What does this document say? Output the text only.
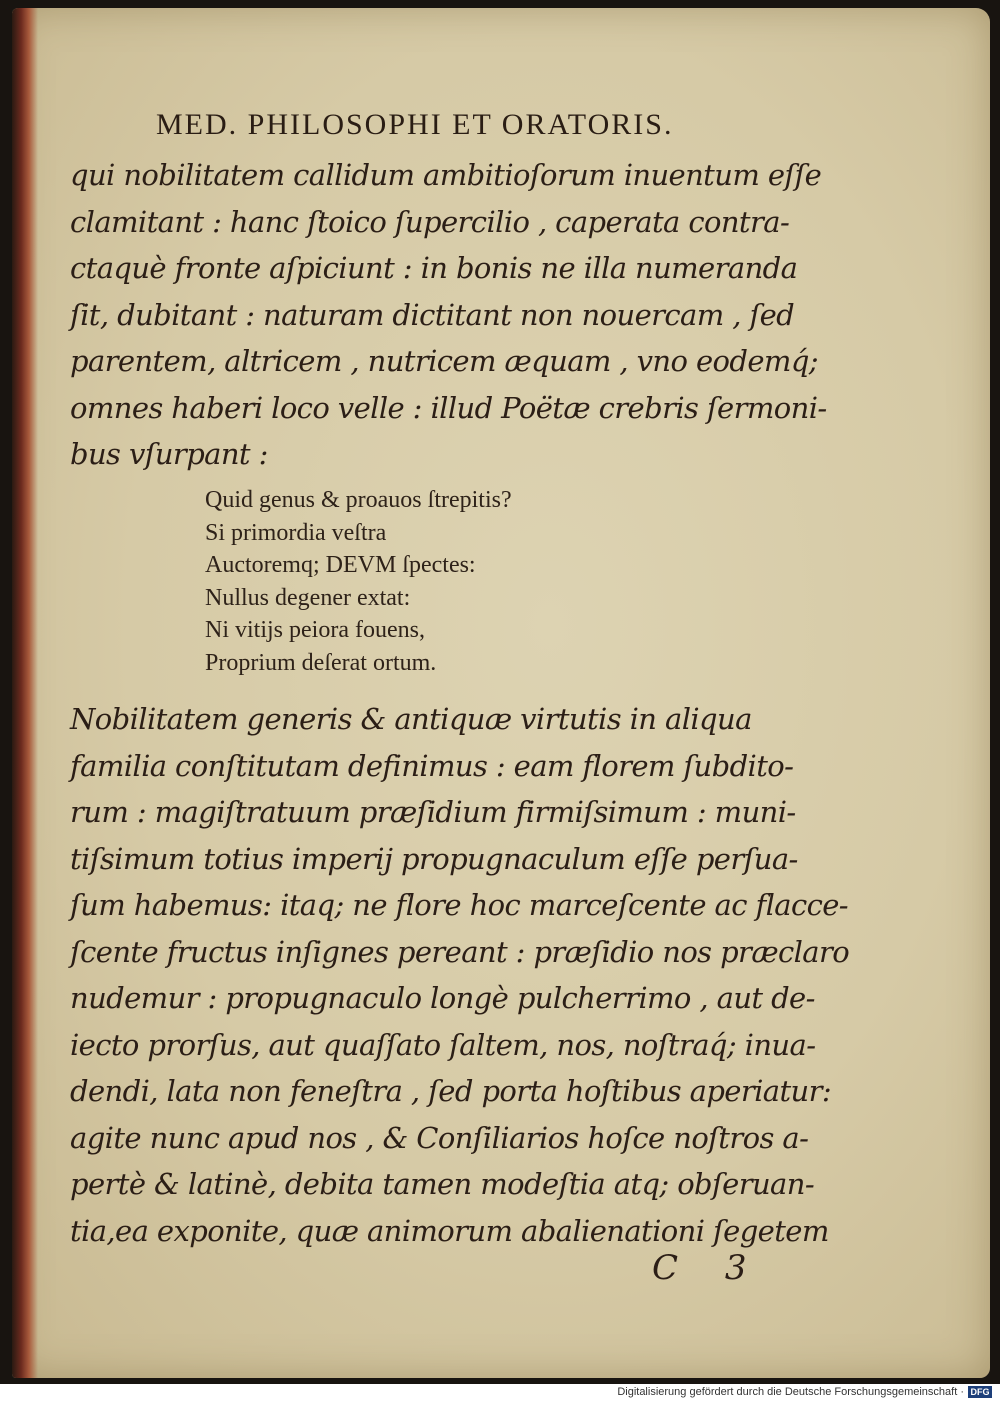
MED. PHILOSOPHI ET ORATORIS.
qui nobilitatem callidum ambitioſorum inuentum eſſe
clamitant : hanc ſtoico ſupercilio , caperata contra-
ctaquè fronte aſpiciunt : in bonis ne illa numeranda
ſit, dubitant : naturam dictitant non nouercam , ſed
parentem, altricem , nutricem æquam , vno eodemq́;
omnes haberi loco velle : illud Poëtæ crebris ſermoni-
bus vſurpant :
Quid genus & proauos ſtrepitis?
Si primordia veſtra
Auctoremq; DEVM ſpectes:
Nullus degener extat:
Ni vitijs peiora fouens,
Proprium deſerat ortum.
Nobilitatem generis & antiquæ virtutis in aliqua
familia conſtitutam definimus : eam florem ſubdito-
rum : magiſtratuum præſidium firmiſsimum : muni-
tiſsimum totius imperij propugnaculum eſſe perſua-
ſum habemus: itaq; ne flore hoc marceſcente ac flacce-
ſcente fructus inſignes pereant : præſidio nos præclaro
nudemur : propugnaculo longè pulcherrimo , aut de-
iecto prorſus, aut quaſſato ſaltem, nos, noſtraq́; inua-
dendi, lata non feneſtra , ſed porta hoſtibus aperiatur:
agite nunc apud nos , & Conſiliarios hoſce noſtros a-
pertè & latinè, debita tamen modeſtia atq; obſeruan-
tia,ea exponite, quæ animorum abalienationi ſegetem
C 3
Digitalisierung gefördert durch die Deutsche Forschungsgemeinschaft · DFG
